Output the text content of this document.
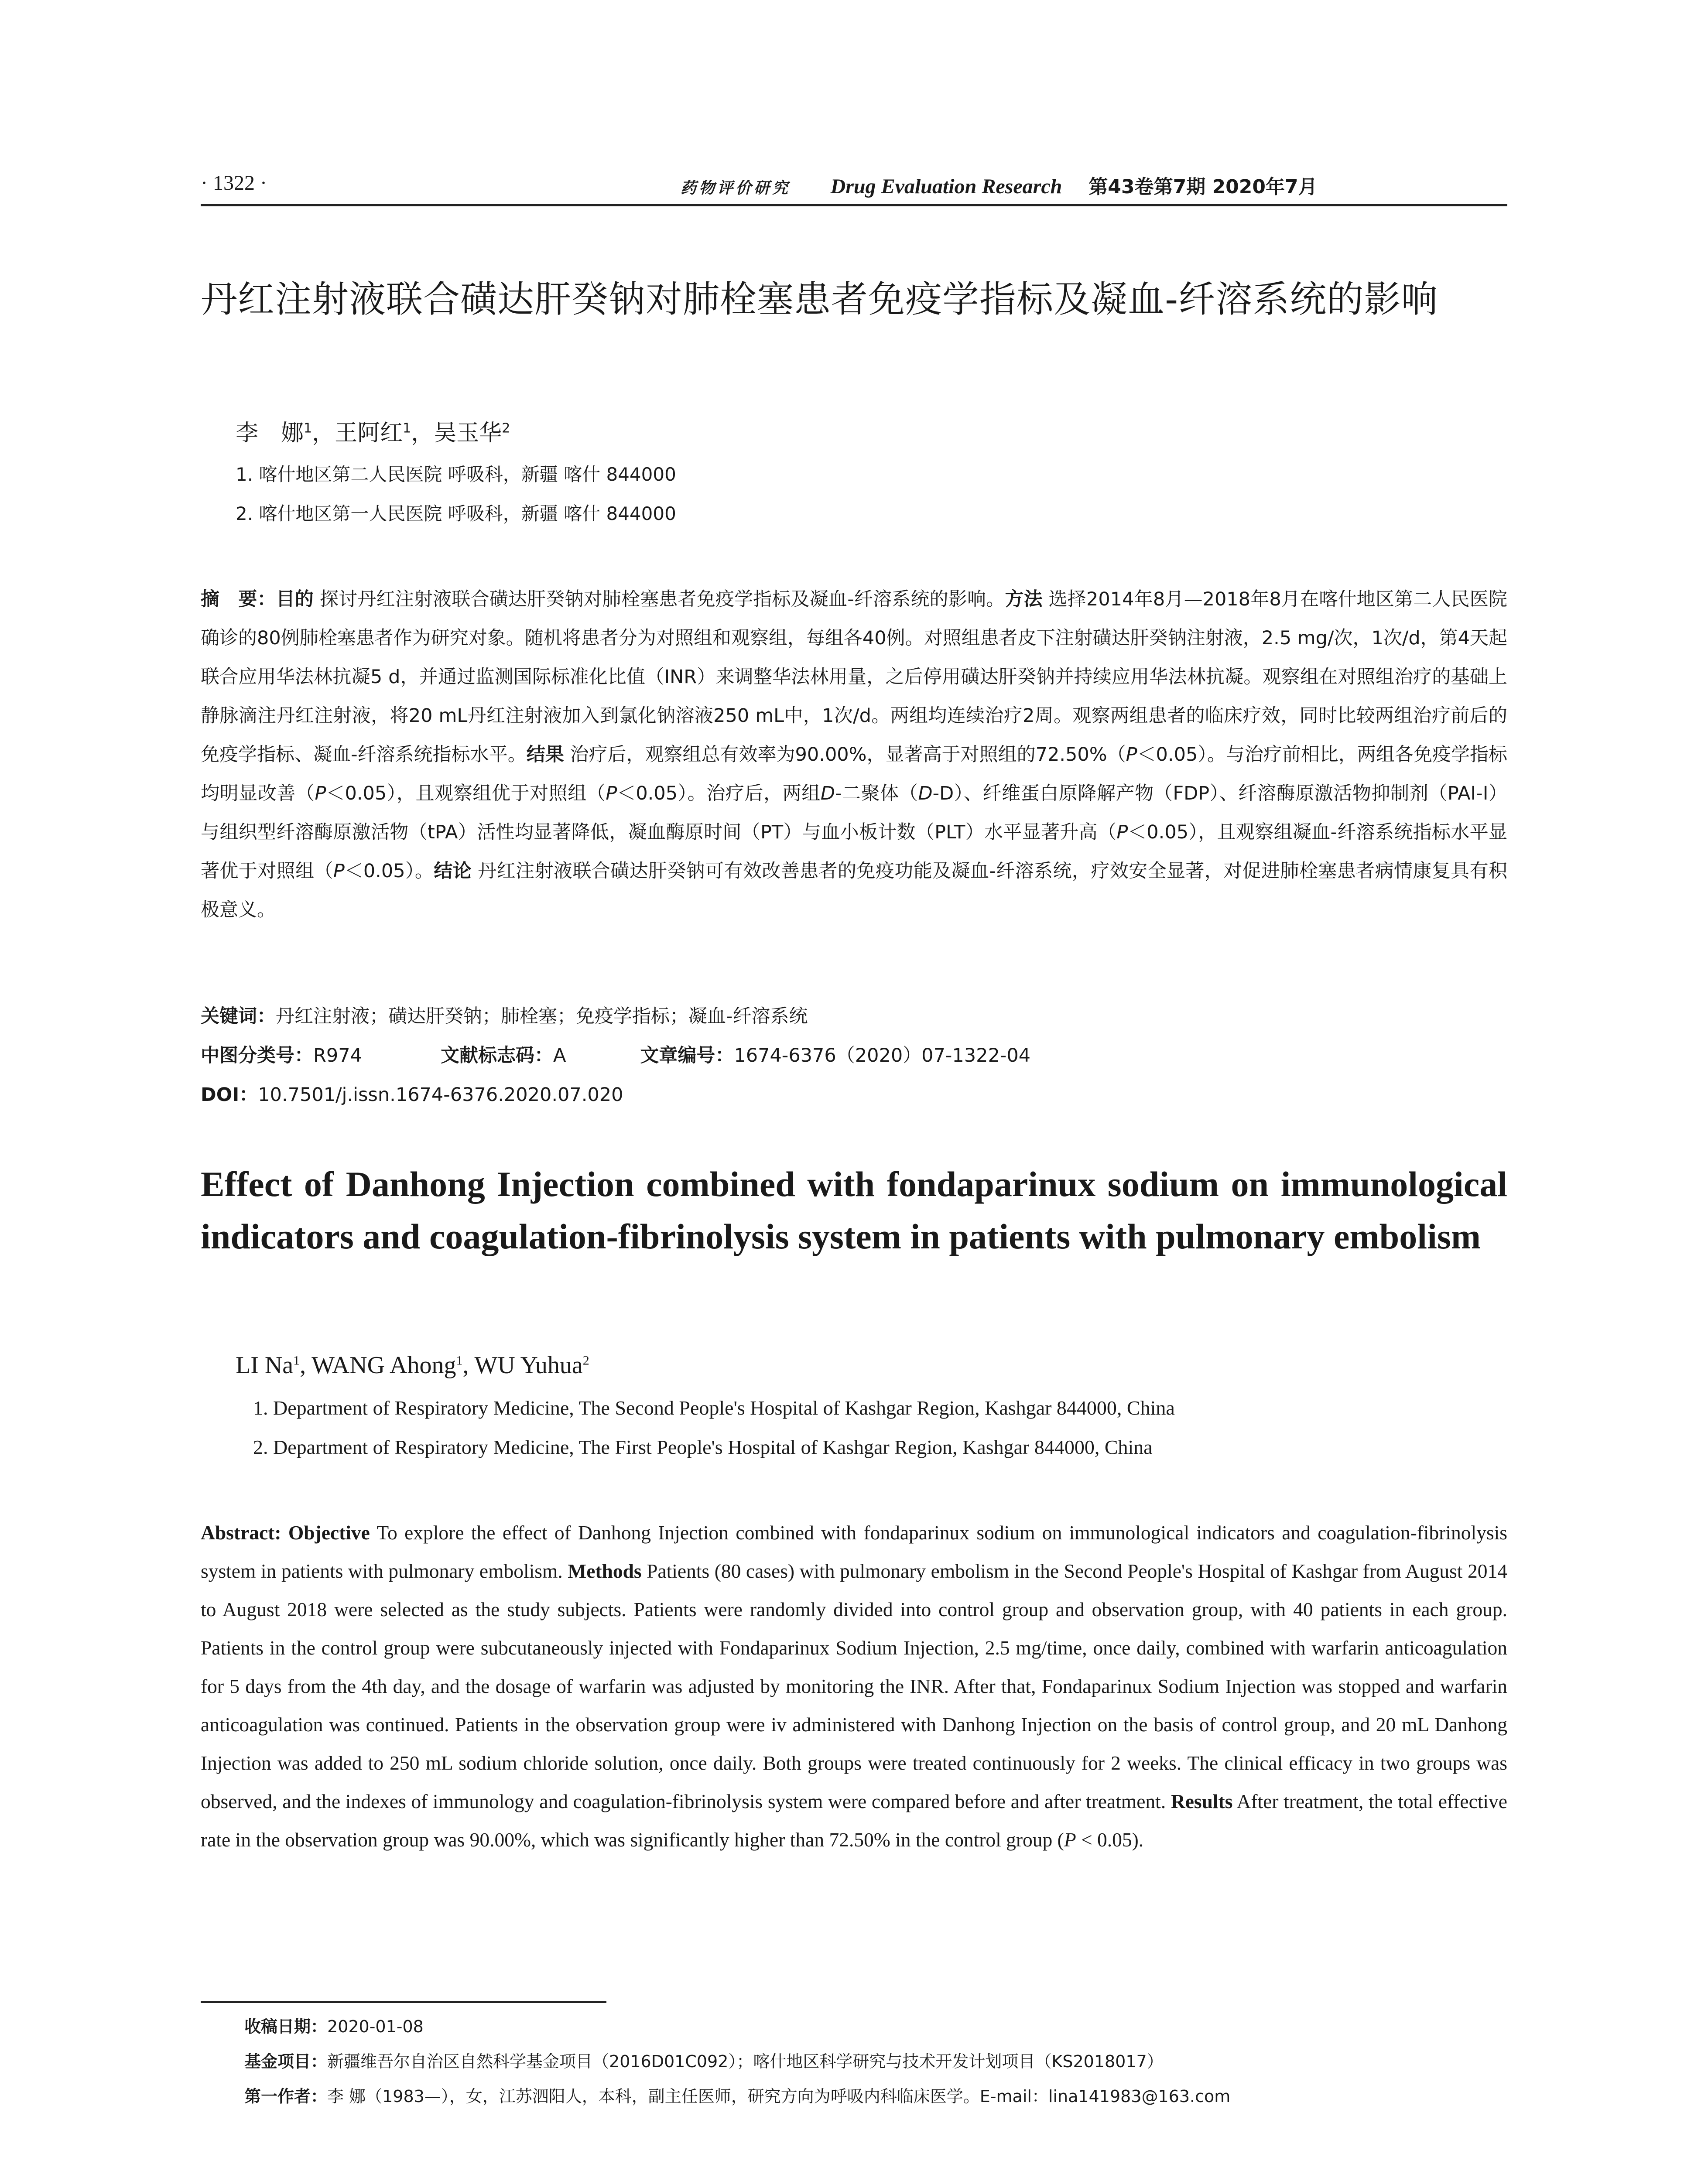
· 1322 ·	药物评价研究 Drug Evaluation Research 第43卷第7期 2020年7月
丹红注射液联合磺达肝癸钠对肺栓塞患者免疫学指标及凝血-纤溶系统的影响
李　娜$^1$，王阿红$^1$，吴玉华$^2$
1. 喀什地区第二人民医院 呼吸科，新疆 喀什 844000
2. 喀什地区第一人民医院 呼吸科，新疆 喀什 844000
摘　要：目的 探讨丹红注射液联合磺达肝癸钠对肺栓塞患者免疫学指标及凝血-纤溶系统的影响。方法 选择2014年8月—2018年8月在喀什地区第二人民医院确诊的80例肺栓塞患者作为研究对象。随机将患者分为对照组和观察组，每组各40例。对照组患者皮下注射磺达肝癸钠注射液，2.5 mg/次，1次/d，第4天起联合应用华法林抗凝5 d，并通过监测国际标准化比值（INR）来调整华法林用量，之后停用磺达肝癸钠并持续应用华法林抗凝。观察组在对照组治疗的基础上静脉滴注丹红注射液，将20 mL丹红注射液加入到氯化钠溶液250 mL中，1次/d。两组均连续治疗2周。观察两组患者的临床疗效，同时比较两组治疗前后的免疫学指标、凝血-纤溶系统指标水平。结果 治疗后，观察组总有效率为90.00%，显著高于对照组的72.50%（P＜0.05）。与治疗前相比，两组各免疫学指标均明显改善（P＜0.05），且观察组优于对照组（P＜0.05）。治疗后，两组D-二聚体（D-D）、纤维蛋白原降解产物（FDP）、纤溶酶原激活物抑制剂（PAI-I）与组织型纤溶酶原激活物（tPA）活性均显著降低，凝血酶原时间（PT）与血小板计数（PLT）水平显著升高（P＜0.05），且观察组凝血-纤溶系统指标水平显著优于对照组（P＜0.05）。结论 丹红注射液联合磺达肝癸钠可有效改善患者的免疫功能及凝血-纤溶系统，疗效安全显著，对促进肺栓塞患者病情康复具有积极意义。
关键词：丹红注射液；磺达肝癸钠；肺栓塞；免疫学指标；凝血-纤溶系统
中图分类号：R974	文献标志码：A	文章编号：1674-6376（2020）07-1322-04
DOI：10.7501/j.issn.1674-6376.2020.07.020
Effect of Danhong Injection combined with fondaparinux sodium on immunological indicators and coagulation-fibrinolysis system in patients with pulmonary embolism
LI Na$^1$, WANG Ahong$^1$, WU Yuhua$^2$
1. Department of Respiratory Medicine, The Second People's Hospital of Kashgar Region, Kashgar 844000, China
2. Department of Respiratory Medicine, The First People's Hospital of Kashgar Region, Kashgar 844000, China
Abstract: Objective To explore the effect of Danhong Injection combined with fondaparinux sodium on immunological indicators and coagulation-fibrinolysis system in patients with pulmonary embolism. Methods Patients (80 cases) with pulmonary embolism in the Second People's Hospital of Kashgar from August 2014 to August 2018 were selected as the study subjects. Patients were randomly divided into control group and observation group, with 40 patients in each group. Patients in the control group were subcutaneously injected with Fondaparinux Sodium Injection, 2.5 mg/time, once daily, combined with warfarin anticoagulation for 5 days from the 4th day, and the dosage of warfarin was adjusted by monitoring the INR. After that, Fondaparinux Sodium Injection was stopped and warfarin anticoagulation was continued. Patients in the observation group were iv administered with Danhong Injection on the basis of control group, and 20 mL Danhong Injection was added to 250 mL sodium chloride solution, once daily. Both groups were treated continuously for 2 weeks. The clinical efficacy in two groups was observed, and the indexes of immunology and coagulation-fibrinolysis system were compared before and after treatment. Results After treatment, the total effective rate in the observation group was 90.00%, which was significantly higher than 72.50% in the control group (P < 0.05).
收稿日期：2020-01-08
基金项目：新疆维吾尔自治区自然科学基金项目（2016D01C092）；喀什地区科学研究与技术开发计划项目（KS2018017）
第一作者：李 娜（1983—），女，江苏泗阳人，本科，副主任医师，研究方向为呼吸内科临床医学。E-mail：lina141983@163.com
